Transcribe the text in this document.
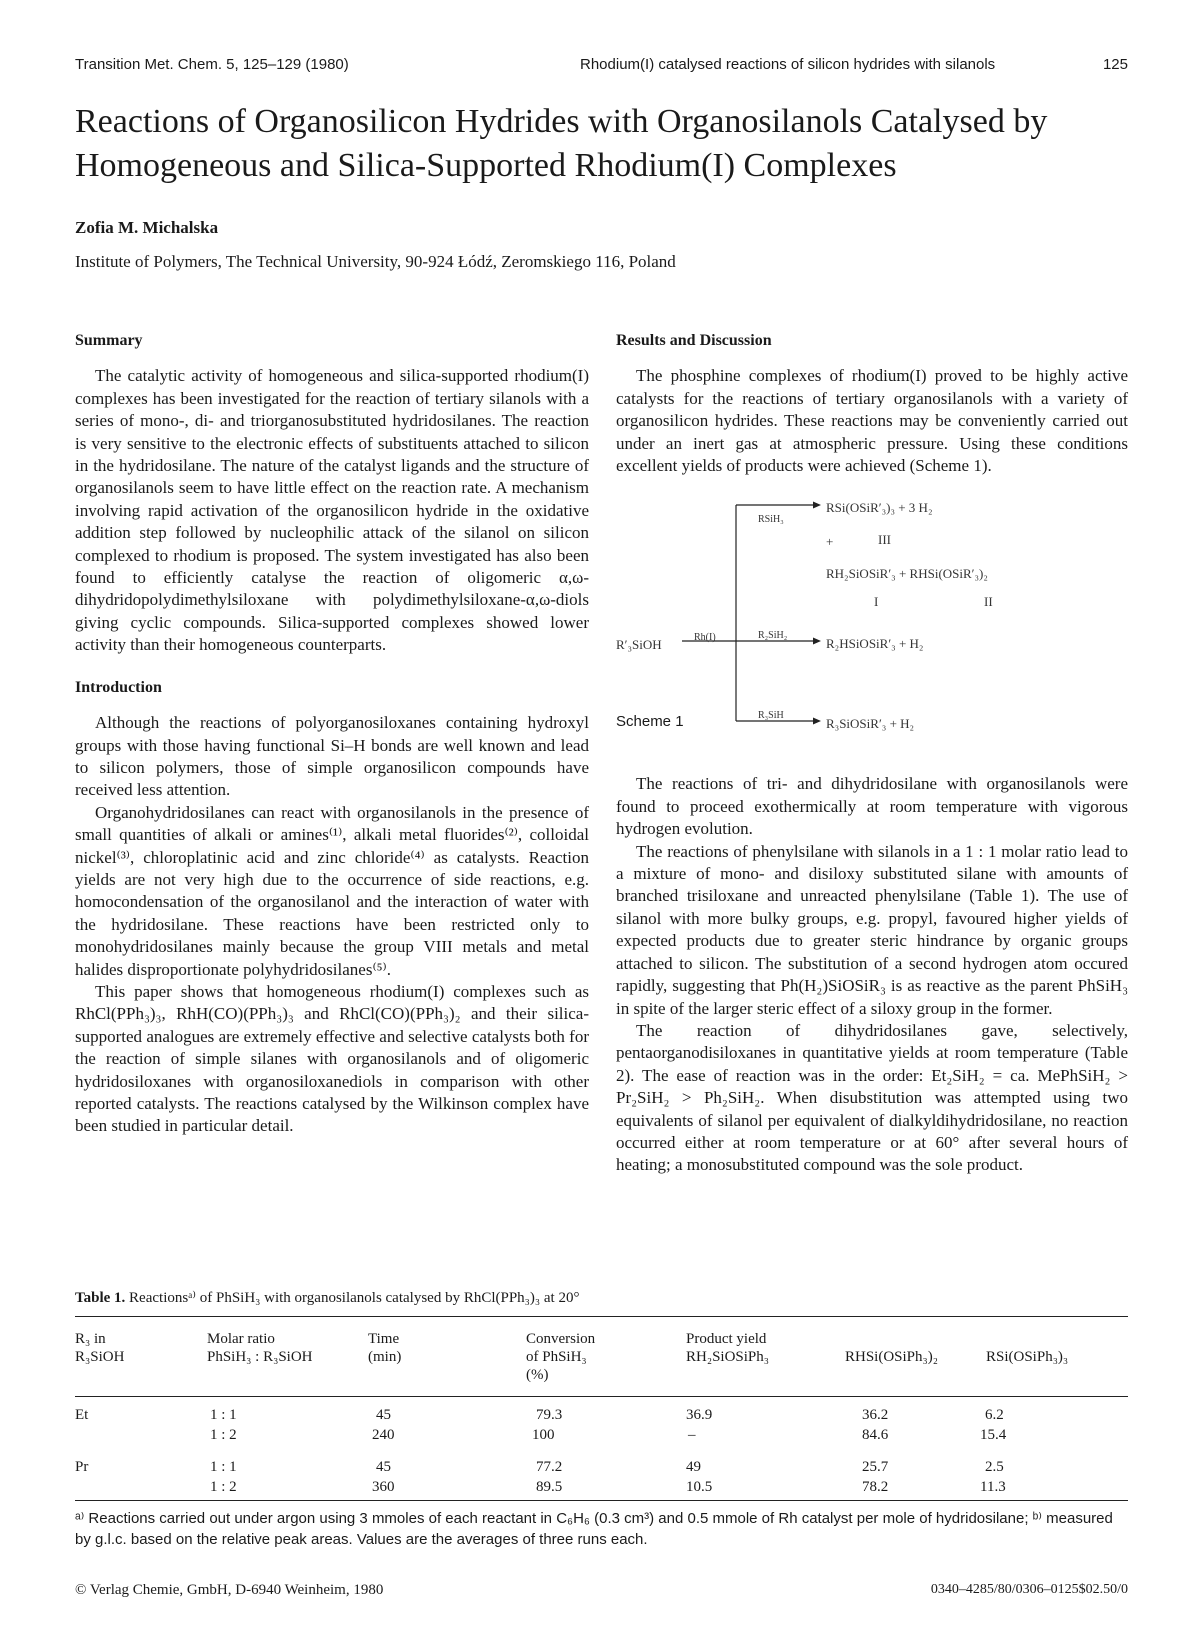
Transition Met. Chem. 5, 125–129 (1980)	Rhodium(I) catalysed reactions of silicon hydrides with silanols	125
Reactions of Organosilicon Hydrides with Organosilanols Catalysed by Homogeneous and Silica-Supported Rhodium(I) Complexes
Zofia M. Michalska
Institute of Polymers, The Technical University, 90-924 Łódź, Zeromskiego 116, Poland
Summary

The catalytic activity of homogeneous and silica-supported rhodium(I) complexes has been investigated for the reaction of tertiary silanols with a series of mono-, di- and triorganosubstituted hydridosilanes. The reaction is very sensitive to the electronic effects of substituents attached to silicon in the hydridosilane. The nature of the catalyst ligands and the structure of organosilanols seem to have little effect on the reaction rate. A mechanism involving rapid activation of the organosilicon hydride in the oxidative addition step followed by nucleophilic attack of the silanol on silicon complexed to rhodium is proposed. The system investigated has also been found to efficiently catalyse the reaction of oligomeric α,ω-dihydridopolydimethylsiloxane with polydimethylsiloxane-α,ω-diols giving cyclic compounds. Silica-supported complexes showed lower activity than their homogeneous counterparts.

Introduction

Although the reactions of polyorganosiloxanes containing hydroxyl groups with those having functional Si–H bonds are well known and lead to silicon polymers, those of simple organosilicon compounds have received less attention.

Organohydridosilanes can react with organosilanols in the presence of small quantities of alkali or amines⁽¹⁾, alkali metal fluorides⁽²⁾, colloidal nickel⁽³⁾, chloroplatinic acid and zinc chloride⁽⁴⁾ as catalysts. Reaction yields are not very high due to the occurrence of side reactions, e.g. homocondensation of the organosilanol and the interaction of water with the hydridosilane. These reactions have been restricted only to monohydridosilanes mainly because the group VIII metals and metal halides disproportionate polyhydridosilanes⁽⁵⁾.

This paper shows that homogeneous rhodium(I) complexes such as RhCl(PPh₃)₃, RhH(CO)(PPh₃)₃ and RhCl(CO)(PPh₃)₂ and their silica-supported analogues are extremely effective and selective catalysts both for the reaction of simple silanes with organosilanols and of oligomeric hydridosiloxanes with organosiloxanediols in comparison with other reported catalysts. The reactions catalysed by the Wilkinson complex have been studied in particular detail.

Results and Discussion

The phosphine complexes of rhodium(I) proved to be highly active catalysts for the reactions of tertiary organosilanols with a variety of organosilicon hydrides. These reactions may be conveniently carried out under an inert gas at atmospheric pressure. Using these conditions excellent yields of products were achieved (Scheme 1).

R′₃SiOH	Rh(I)
RSiH₃
R₂SiH₂
R₃SiH
RSi(OSiR′₃)₃ + 3 H₂
+	III
RH₂SiOSiR′₃ + RHSi(OSiR′₃)₂
I	II
R₂HSiOSiR′₃ + H₂
R₃SiOSiR′₃ + H₂
Scheme 1

The reactions of tri- and dihydridosilane with organosilanols were found to proceed exothermically at room temperature with vigorous hydrogen evolution.

The reactions of phenylsilane with silanols in a 1 : 1 molar ratio lead to a mixture of mono- and disiloxy substituted silane with amounts of branched trisiloxane and unreacted phenylsilane (Table 1). The use of silanol with more bulky groups, e.g. propyl, favoured higher yields of expected products due to greater steric hindrance by organic groups attached to silicon. The substitution of a second hydrogen atom occured rapidly, suggesting that Ph(H₂)SiOSiR₃ is as reactive as the parent PhSiH₃ in spite of the larger steric effect of a siloxy group in the former.

The reaction of dihydridosilanes gave, selectively, pentaorganodisiloxanes in quantitative yields at room temperature (Table 2). The ease of reaction was in the order: Et₂SiH₂ = ca. MePhSiH₂ > Pr₂SiH₂ > Ph₂SiH₂. When disubstitution was attempted using two equivalents of silanol per equivalent of dialkyldihydridosilane, no reaction occurred either at room temperature or at 60° after several hours of heating; a monosubstituted compound was the sole product.

Table 1. Reactionsᵃ⁾ of PhSiH₃ with organosilanols catalysed by RhCl(PPh₃)₃ at 20°
R₃ in
R₃SiOH
Molar ratio
PhSiH₃ : R₃SiOH
Time
(min)
Conversion
of PhSiH₃
(%)
Product yield
RH₂SiOSiPh₃	RHSi(OSiPh₃)₂	RSi(OSiPh₃)₃
Et	1 : 1	45	79.3	36.9	36.2	6.2
1 : 2	240	100	–	84.6	15.4
Pr	1 : 1	45	77.2	49	25.7	2.5
1 : 2	360	89.5	10.5	78.2	11.3
ᵃ⁾ Reactions carried out under argon using 3 mmoles of each reactant in C₆H₆ (0.3 cm³) and 0.5 mmole of Rh catalyst per mole of hydridosilane; ᵇ⁾ measured by g.l.c. based on the relative peak areas. Values are the averages of three runs each.
© Verlag Chemie, GmbH, D-6940 Weinheim, 1980	0340–4285/80/0306–0125$02.50/0
